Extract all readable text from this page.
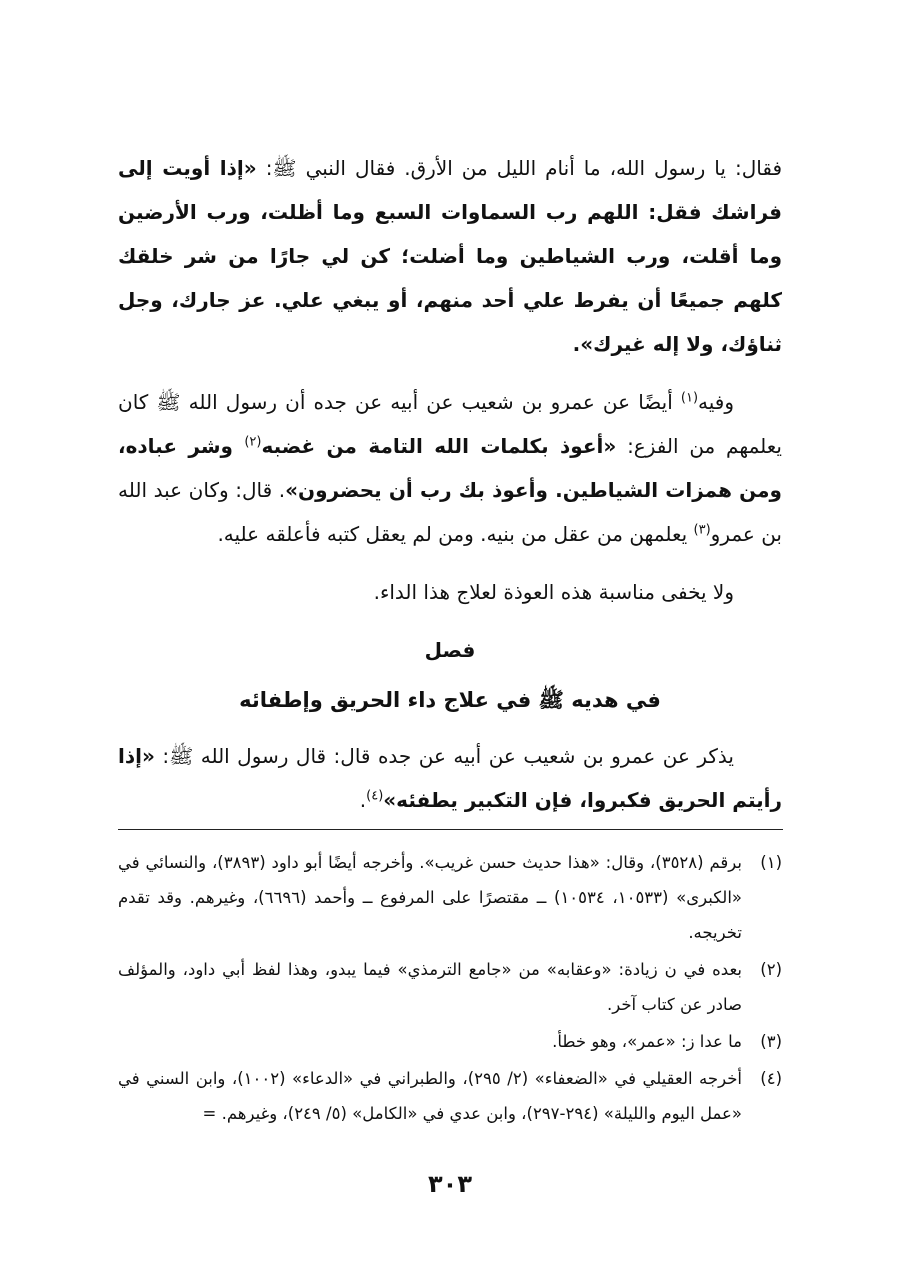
فقال: يا رسول الله، ما أنام الليل من الأرق. فقال النبي ﷺ: «إذا أويت إلى فراشك فقل: اللهم رب السماوات السبع وما أظلت، ورب الأرضين وما أقلت، ورب الشياطين وما أضلت؛ كن لي جارًا من شر خلقك كلهم جميعًا أن يفرط علي أحد منهم، أو يبغي علي. عز جارك، وجل ثناؤك، ولا إله غيرك».

وفيه$^{(١)}$ أيضًا عن عمرو بن شعيب عن أبيه عن جده أن رسول الله ﷺ كان يعلمهم من الفزع: «أعوذ بكلمات الله التامة من غضبه$^{(٢)}$ وشر عباده، ومن همزات الشياطين. وأعوذ بك رب أن يحضرون». قال: وكان عبد الله بن عمرو$^{(٣)}$ يعلمهن من عقل من بنيه. ومن لم يعقل كتبه فأعلقه عليه.

ولا يخفى مناسبة هذه العوذة لعلاج هذا الداء.

فصل
في هديه ﷺ في علاج داء الحريق وإطفائه

يذكر عن عمرو بن شعيب عن أبيه عن جده قال: قال رسول الله ﷺ: «إذا رأيتم الحريق فكبروا، فإن التكبير يطفئه»$^{(٤)}$.

(١)
برقم (٣٥٢٨)، وقال: «هذا حديث حسن غريب». وأخرجه أيضًا أبو داود (٣٨٩٣)، والنسائي في «الكبرى» (١٠٥٣٣، ١٠٥٣٤) ــ مقتصرًا على المرفوع ــ وأحمد (٦٦٩٦)، وغيرهم. وقد تقدم تخريجه.
(٢)
بعده في ن زيادة: «وعقابه» من «جامع الترمذي» فيما يبدو، وهذا لفظ أبي داود، والمؤلف صادر عن كتاب آخر.
(٣)
ما عدا ز: «عمر»، وهو خطأ.
(٤)
أخرجه العقيلي في «الضعفاء» (٢/ ٢٩٥)، والطبراني في «الدعاء» (١٠٠٢)، وابن السني في «عمل اليوم والليلة» (٢٩٤-٢٩٧)، وابن عدي في «الكامل» (٥/ ٢٤٩)، وغيرهم. =
٣٠٣
